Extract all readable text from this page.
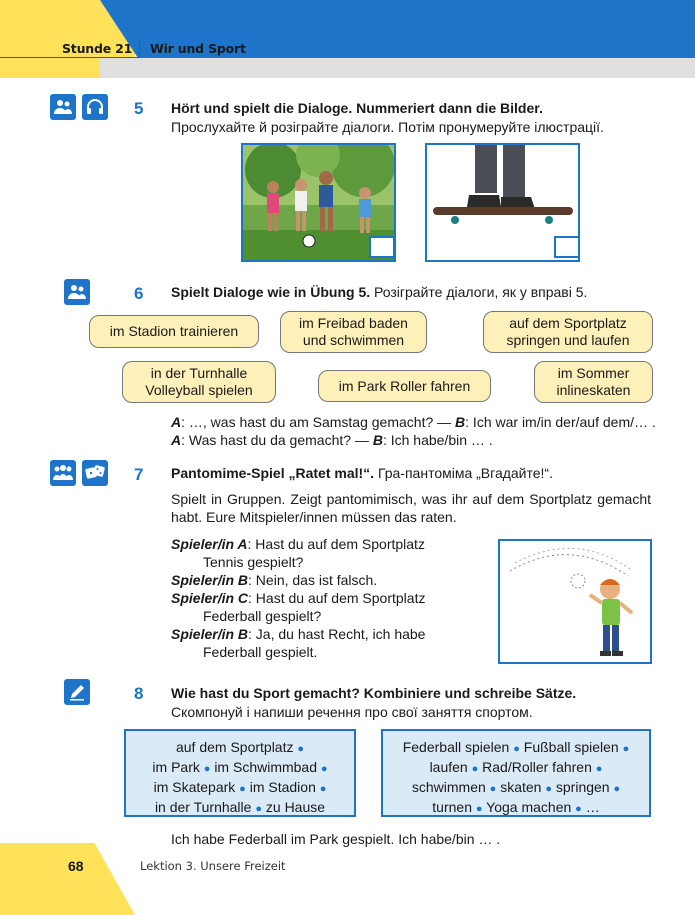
Stunde 21 Wir und Sport
5 Hört und spielt die Dialoge. Nummeriert dann die Bilder.
Прослухайте й розіграйте діалоги. Потім пронумеруйте ілюстрації.
6 Spielt Dialoge wie in Übung 5. Розіграйте діалоги, як у вправі 5.
im Stadion trainieren	im Freibad baden
und schwimmen
auf dem Sportplatz
springen und laufen
in der Turnhalle
Volleyball spielen	im Park Roller fahren
im Sommer
inlineskaten
A: …, was hast du am Samstag gemacht? — B: Ich war im/in der/auf dem/… .
A: Was hast du da gemacht? — B: Ich habe/bin … .
7 Pantomime-Spiel „Ratet mal!“. Гра-пантоміма „Вгадайте!“.
Spielt in Gruppen. Zeigt pantomimisch, was ihr auf dem Sportplatz gemacht habt. Eure Mitspieler/innen müssen das raten.
Spieler/in A: Hast du auf dem Sportplatz
Tennis gespielt?
Spieler/in B: Nein, das ist falsch.
Spieler/in C: Hast du auf dem Sportplatz
Federball gespielt?
Spieler/in B: Ja, du hast Recht, ich habe
Federball gespielt.
8 Wie hast du Sport gemacht? Kombiniere und schreibe Sätze.
Скомпонуй і напиши речення про свої заняття спортом.
auf dem Sportplatz ●
im Park ● im Schwimmbad ●
im Skatepark ● im Stadion ●
in der Turnhalle ● zu Hause
Federball spielen ● Fußball spielen ●
laufen ● Rad/Roller fahren ●
schwimmen ● skaten ● springen ●
turnen ● Yoga machen ● …
Ich habe Federball im Park gespielt. Ich habe/bin … .
68	Lektion 3. Unsere Freizeit
